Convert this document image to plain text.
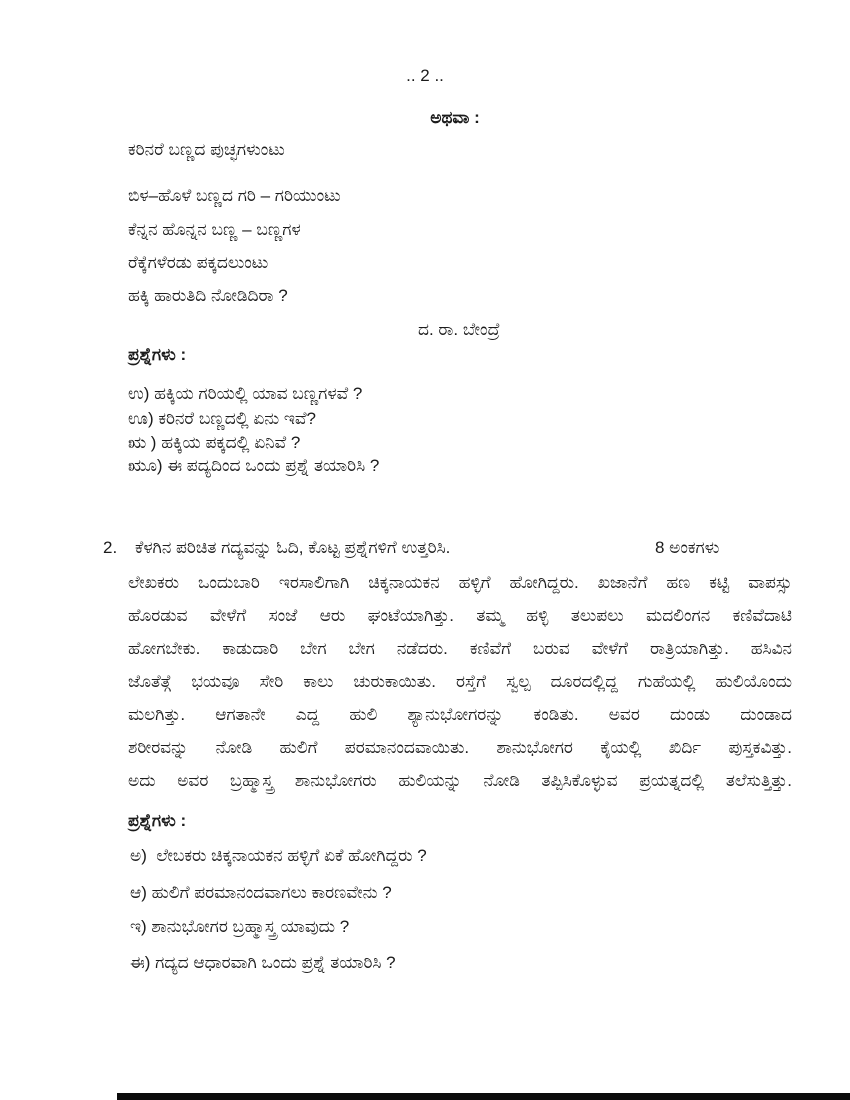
.. 2 ..
ಅಥವಾ :
ಕರಿನರೆ ಬಣ್ಣದ ಪುಚ್ಛಗಳುಂಟು
ಬಿಳ–ಹೊಳೆ ಬಣ್ಣದ ಗರಿ – ಗರಿಯುಂಟು
ಕೆನ್ನನ ಹೊನ್ನನ ಬಣ್ಣ – ಬಣ್ಣಗಳ
ರೆಕ್ಕೆಗಳೆರಡು ಪಕ್ಕದಲುಂಟು
ಹಕ್ಕಿ ಹಾರುತಿದಿ ನೋಡಿದಿರಾ ?
ದ. ರಾ. ಬೇಂದ್ರೆ
ಪ್ರಶ್ನೆಗಳು :
ಉ) ಹಕ್ಕಿಯ ಗರಿಯಲ್ಲಿ ಯಾವ ಬಣ್ಣಗಳವೆ ?
ಊ) ಕರಿನರೆ ಬಣ್ಣದಲ್ಲಿ ಏನು ಇವೆ?
ಋ ) ಹಕ್ಕಿಯ ಪಕ್ಕದಲ್ಲಿ ಏನಿವೆ ?
ಋೂ) ಈ ಪದ್ಯದಿಂದ ಒಂದು ಪ್ರಶ್ನೆ ತಯಾರಿಸಿ ?
2. ಕೆಳಗಿನ ಪರಿಚಿತ ಗದ್ಯವನ್ನು ಓದಿ, ಕೊಟ್ಟ ಪ್ರಶ್ನೆಗಳಿಗೆ ಉತ್ತರಿಸಿ.	8 ಅಂಕಗಳು
ಲೇಖಕರು ಒಂದುಬಾರಿ ಇರಸಾಲಿಗಾಗಿ ಚಿಕ್ಕನಾಯಕನ ಹಳ್ಳಿಗೆ ಹೋಗಿದ್ದರು. ಖಜಾನೆಗೆ ಹಣ ಕಟ್ಟಿ ವಾಪಸ್ಸು
ಹೊರಡುವ ವೇಳೆಗೆ ಸಂಜೆ ಆರು ಘಂಟೆಯಾಗಿತ್ತು. ತಮ್ಮ ಹಳ್ಳಿ ತಲುಪಲು ಮದಲಿಂಗನ ಕಣಿವೆದಾಟಿ
ಹೋಗಬೇಕು. ಕಾಡುದಾರಿ ಬೇಗ ಬೇಗ ನಡೆದರು. ಕಣಿವೆಗೆ ಬರುವ ವೇಳೆಗೆ ರಾತ್ರಿಯಾಗಿತ್ತು. ಹಸಿವಿನ
ಜೊತೆತ್ಗೆ ಭಯವೂ ಸೇರಿ ಕಾಲು ಚುರುಕಾಯಿತು. ರಸ್ತೆಗೆ ಸ್ವಲ್ಪ ದೂರದಲ್ಲಿದ್ದ ಗುಹೆಯಲ್ಲಿ ಹುಲಿಯೊಂದು
ಮಲಗಿತ್ತು. ಆಗತಾನೇ ಎದ್ದ ಹುಲಿ ಶ್ಯಾನುಭೋಗರನ್ನು ಕಂಡಿತು. ಅವರ ದುಂಡು ದುಂಡಾದ
ಶರೀರವನ್ನು ನೋಡಿ ಹುಲಿಗೆ ಪರಮಾನಂದವಾಯಿತು. ಶಾನುಭೋಗರ ಕೈಯಲ್ಲಿ ಖಿರ್ದಿ ಪುಸ್ತಕವಿತ್ತು.
ಅದು ಅವರ ಬ್ರಹ್ಮಾಸ್ತ್ರ ಶಾನುಭೋಗರು ಹುಲಿಯನ್ನು ನೋಡಿ ತಪ್ಪಿಸಿಕೊಳ್ಳುವ ಪ್ರಯತ್ನದಲ್ಲಿ ತಲೆಸುತ್ತಿತ್ತು.
ಪ್ರಶ್ನೆಗಳು :
ಅ)  ಲೇಬಕರು ಚಿಕ್ಕನಾಯಕನ ಹಳ್ಳಿಗೆ ಏಕೆ ಹೋಗಿದ್ದರು ?
ಆ) ಹುಲಿಗೆ ಪರಮಾನಂದವಾಗಲು ಕಾರಣವೇನು ?
ಇ) ಶಾನುಭೋಗರ ಬ್ರಹ್ಮಾಸ್ತ್ರ ಯಾವುದು ?
ಈ) ಗದ್ಯದ ಆಧಾರವಾಗಿ ಒಂದು ಪ್ರಶ್ನೆ ತಯಾರಿಸಿ ?
